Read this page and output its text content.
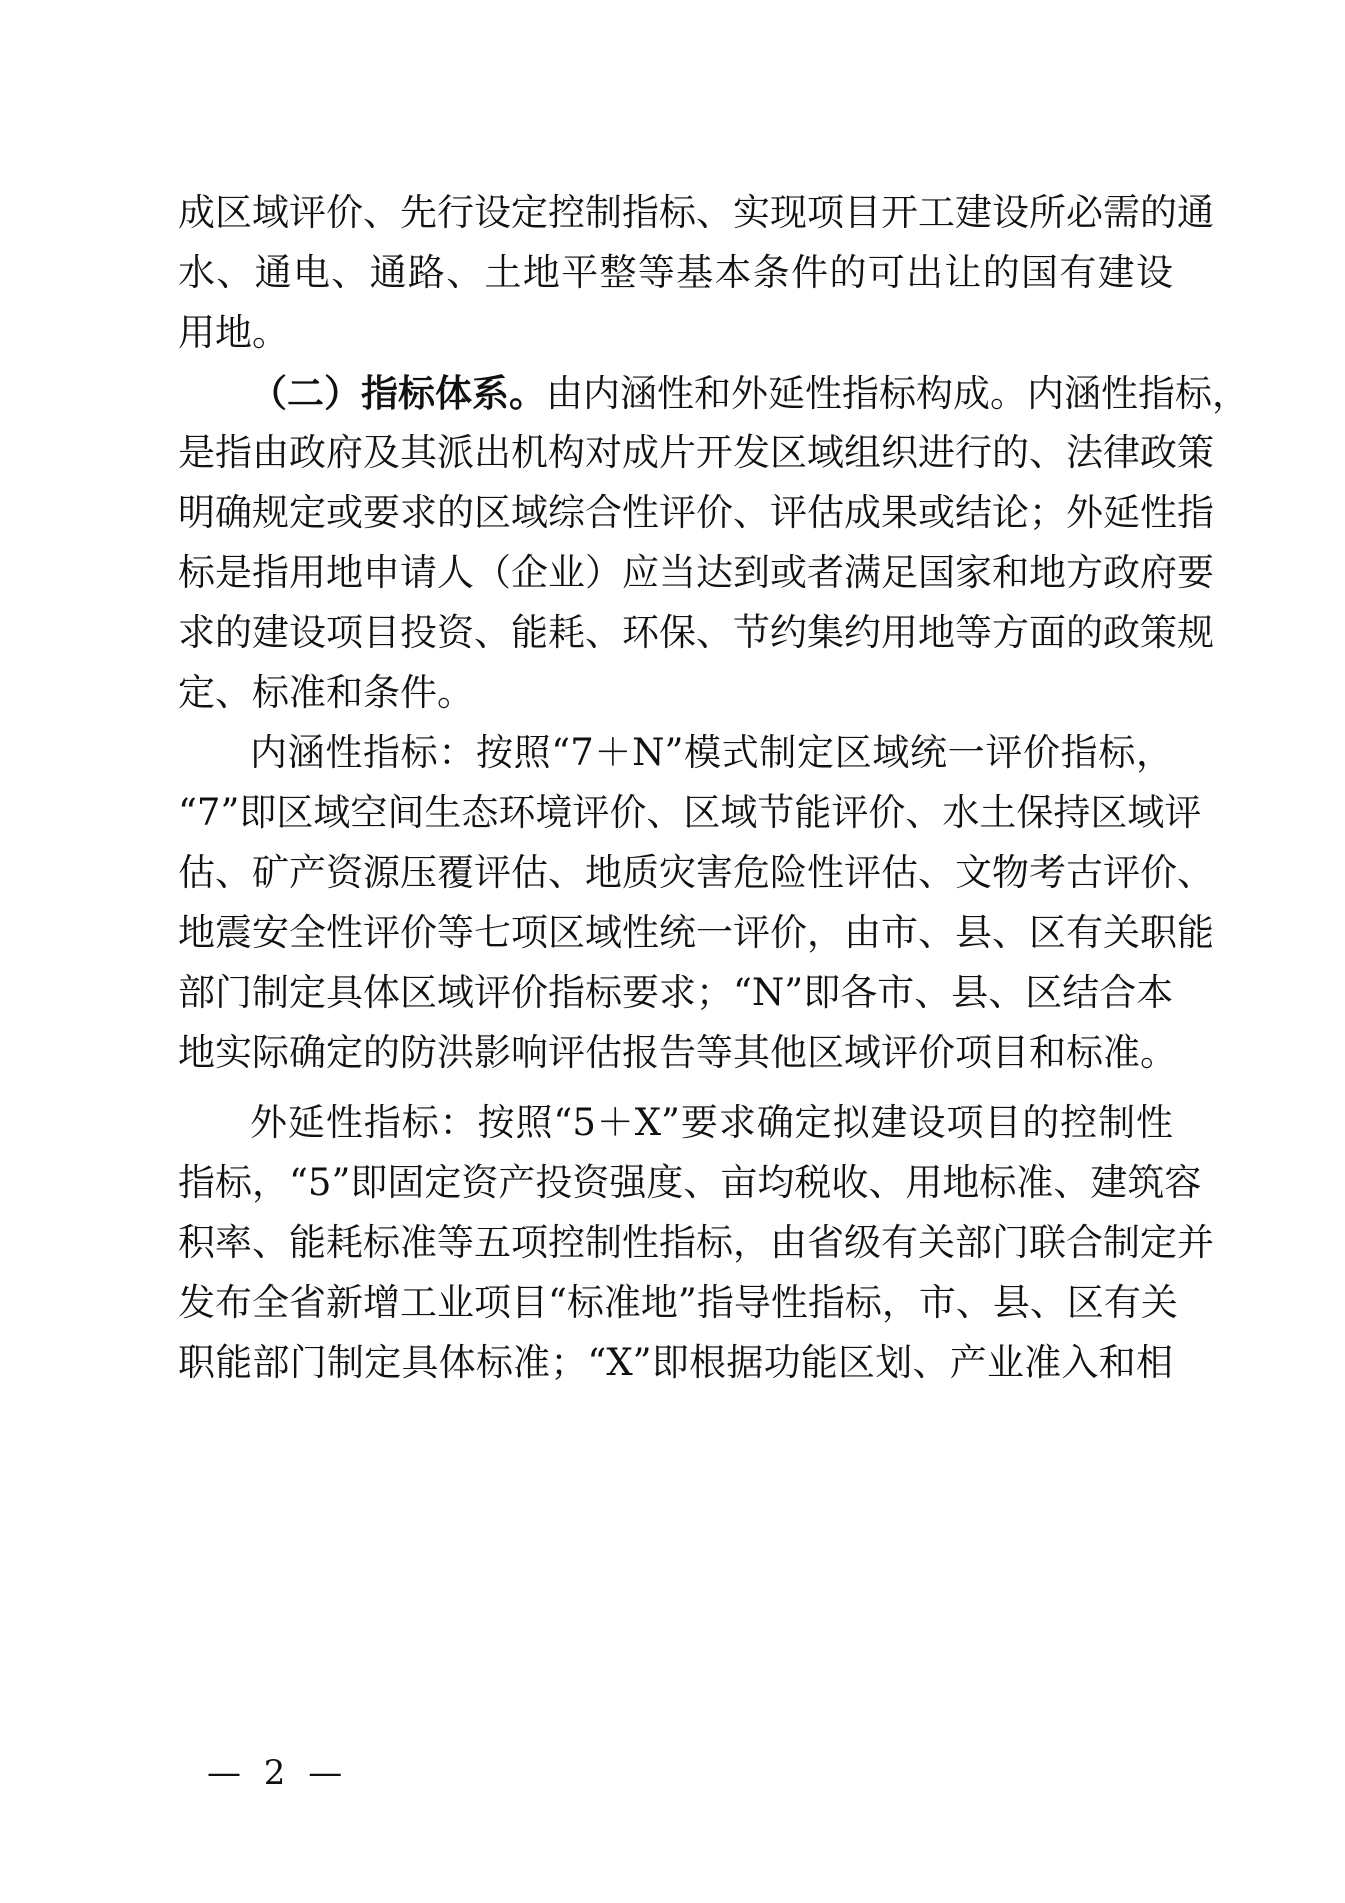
成区域评价、先行设定控制指标、实现项目开工建设所必需的通
水、通电、通路、土地平整等基本条件的可出让的国有建设
用地。
（二）指标体系。由内涵性和外延性指标构成。内涵性指标，
是指由政府及其派出机构对成片开发区域组织进行的、法律政策
明确规定或要求的区域综合性评价、评估成果或结论；外延性指
标是指用地申请人（企业）应当达到或者满足国家和地方政府要
求的建设项目投资、能耗、环保、节约集约用地等方面的政策规
定、标准和条件。
内涵性指标：按照“7＋N”模式制定区域统一评价指标，
“7”即区域空间生态环境评价、区域节能评价、水土保持区域评
估、矿产资源压覆评估、地质灾害危险性评估、文物考古评价、
地震安全性评价等七项区域性统一评价，由市、县、区有关职能
部门制定具体区域评价指标要求；“N”即各市、县、区结合本
地实际确定的防洪影响评估报告等其他区域评价项目和标准。
外延性指标：按照“5＋X”要求确定拟建设项目的控制性
指标，“5”即固定资产投资强度、亩均税收、用地标准、建筑容
积率、能耗标准等五项控制性指标，由省级有关部门联合制定并
发布全省新增工业项目“标准地”指导性指标，市、县、区有关
职能部门制定具体标准；“X”即根据功能区划、产业准入和相
— 2 —
